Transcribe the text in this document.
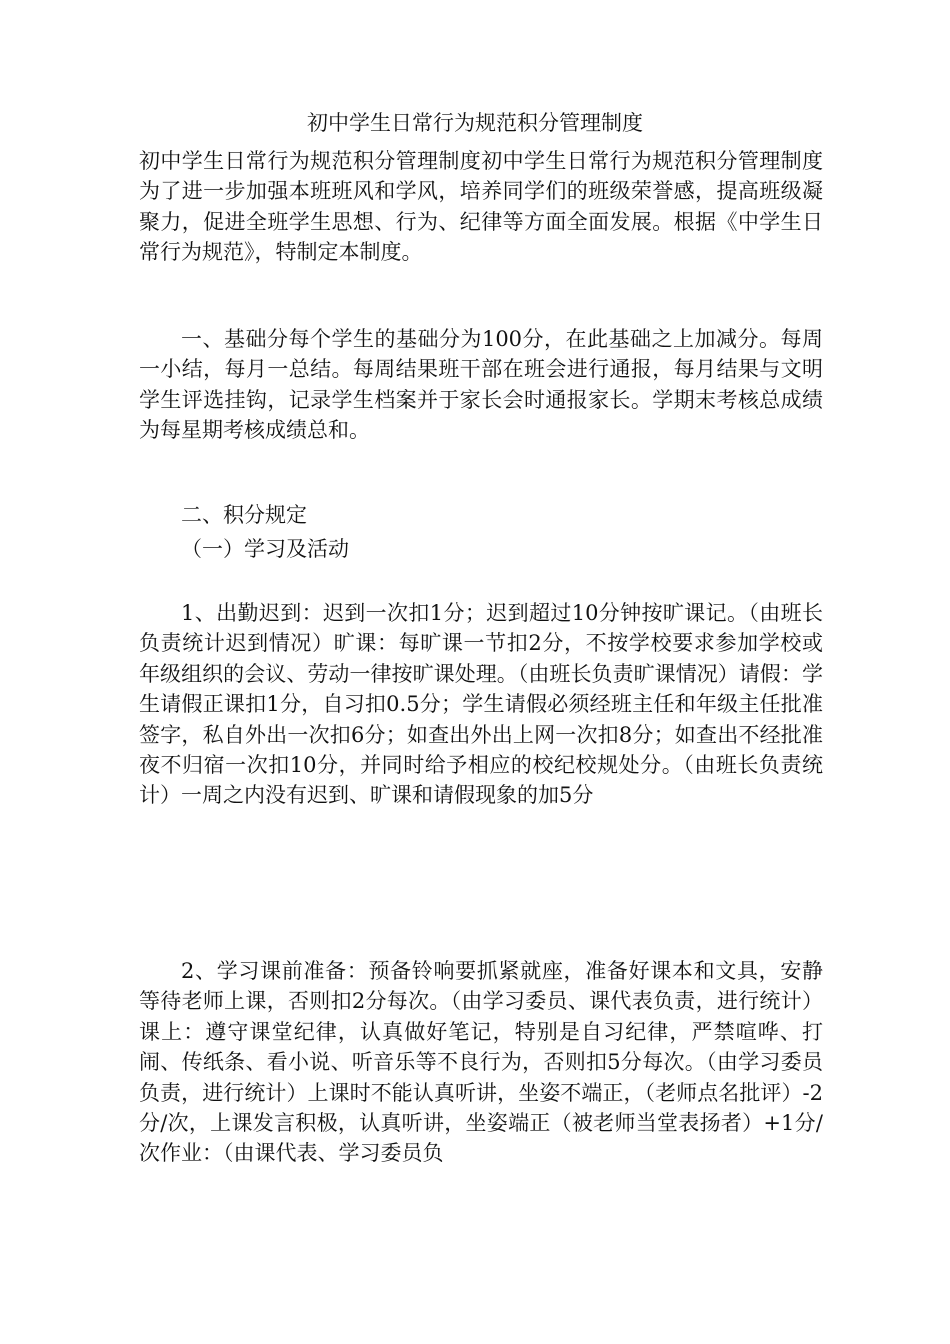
初中学生日常行为规范积分管理制度

初中学生日常行为规范积分管理制度初中学生日常行为规范积分管理制度为了进一步加强本班班风和学风，培养同学们的班级荣誉感，提高班级凝聚力，促进全班学生思想、行为、纪律等方面全面发展。根据《中学生日常行为规范》，特制定本制度。

一、基础分每个学生的基础分为100分，在此基础之上加减分。每周一小结，每月一总结。每周结果班干部在班会进行通报，每月结果与文明学生评选挂钩，记录学生档案并于家长会时通报家长。学期末考核总成绩为每星期考核成绩总和。

二、积分规定

（一）学习及活动

1、出勤迟到：迟到一次扣1分；迟到超过10分钟按旷课记。（由班长负责统计迟到情况）旷课：每旷课一节扣2分，不按学校要求参加学校或年级组织的会议、劳动一律按旷课处理。（由班长负责旷课情况）请假：学生请假正课扣1分，自习扣0.5分；学生请假必须经班主任和年级主任批准签字，私自外出一次扣6分；如查出外出上网一次扣8分；如查出不经批准夜不归宿一次扣10分，并同时给予相应的校纪校规处分。（由班长负责统计）一周之内没有迟到、旷课和请假现象的加5分

2、学习课前准备：预备铃响要抓紧就座，准备好课本和文具，安静等待老师上课，否则扣2分每次。（由学习委员、课代表负责，进行统计）课上：遵守课堂纪律，认真做好笔记，特别是自习纪律，严禁喧哗、打闹、传纸条、看小说、听音乐等不良行为，否则扣5分每次。（由学习委员负责，进行统计）上课时不能认真听讲，坐姿不端正，（老师点名批评）-2分/次，上课发言积极，认真听讲，坐姿端正（被老师当堂表扬者）+1分/次作业：（由课代表、学习委员负
